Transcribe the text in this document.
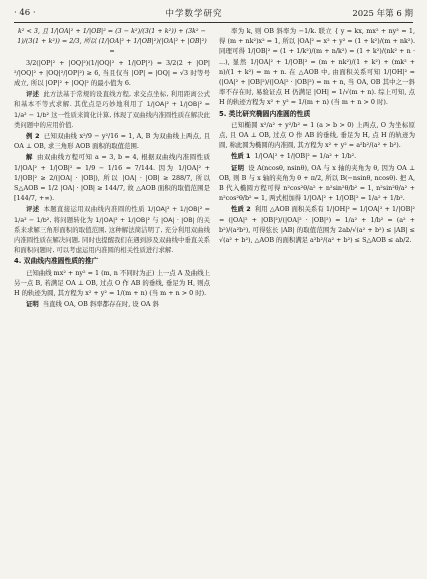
· 46 ·	中学数学研究	2025 年第 6 期

k² < 3, 且 1/|OA|² + 1/|OB|² = (3 − k²)/(3(1 + k²)) + (3k² − 1)/(3(1 + k²)) = 2/3, 所以 (1/|OA|² + 1/|OB|²)(|OA|² + |OB|²) =

3/2(|OP|² + |OQ|²)(1/|OQ|² + 1/|OP|²) = 3/2(2 + |OP|²/|OQ|² + |OQ|²/|OP|²) ≥ 6, 当且仅当 |OP| = |OQ| = √3 时等号成立, 所以 |OP|² + |OQ|² 的最小值为 6.

评述 此方法基于常规的设直线方程, 求交点坐标, 利用距离公式和基本不等式求解. 其优点是巧妙地利用了 1/|OA|² + 1/|OB|² = 1/a² − 1/b² 这一性质来简化计算, 体现了双曲线内准圆性质在解决此类问题中的应用价值.

例 2 已知双曲线 x²/9 − y²/16 = 1, A, B 为双曲线上两点, 且 OA ⊥ OB, 求三角形 AOB 面积的取值范围.

解 由双曲线方程可知 a = 3, b = 4, 根据双曲线内准圆性质 1/|OA|² + 1/|OB|² = 1/9 − 1/16 = 7/144. 因为 1/|OA|² + 1/|OB|² ≥ 2/(|OA| · |OB|), 所以 |OA| · |OB| ≥ 288/7, 所以 S△AOB = 1/2 |OA| · |OB| ≥ 144/7, 故 △AOB 面积的取值范围是 [144/7, +∞).

评述 本题直接运用双曲线内准圆的性质 1/|OA|² + 1/|OB|² = 1/a² − 1/b², 将问题转化为 1/|OA|² + 1/|OB|² 与 |OA| · |OB| 的关系来求解三角形面积的取值范围, 这种解法简洁明了, 充分利用双曲线内准圆性质在解决问题, 同时也提醒我们在遇到涉及双曲线中垂直关系和面积问题时, 可以考虑运用内准圆的相关性质进行求解.

4. 双曲线内准圆性质的推广

已知曲线 mx² + ny² = 1 (m, n 不同时为正) 上一点 A 及曲线上另一点 B, 若满足 OA ⊥ OB, 过点 O 作 AB 的垂线, 垂足为 H, 则点 H 的轨迹为圆, 其方程为 x² + y² = 1/(m + n) (当 m + n > 0 时).

证明 当直线 OA, OB 斜率都存在时, 设 OA 斜

率为 k, 则 OB 斜率为 −1/k. 联立 { y = kx, mx² + ny² = 1, 得 (m + nk²)x² = 1, 所以 |OA|² = x² + y² = (1 + k²)/(m + nk²). 同理可得 1/|OB|² = (1 + 1/k²)/(m + n/k²) = (1 + k²)/(nk² + n · ...), 显然 1/|OA|² + 1/|OB|² = (m + nk²)/(1 + k²) + (mk² + n)/(1 + k²) = m + n. 在 △AOB 中, 由面积关系可知 1/|OH|² = (|OA|² + |OB|²)/(|OA|² · |OB|²) = m + n, 当 OA, OB 其中之一斜率不存在时, 易验证点 H 仍满足 |OH| = 1/√(m + n). 综上可知, 点 H 的轨迹方程为 x² + y² = 1/(m + n) (当 m + n > 0 时).

5. 类比研究椭圆内准圆的性质

已知椭圆 x²/a² + y²/b² = 1 (a > b > 0) 上两点, O 为坐标原点, 且 OA ⊥ OB, 过点 O 作 AB 的垂线, 垂足为 H, 点 H 的轨迹为圆, 称此圆为椭圆的内准圆, 其方程为 x² + y² = a²b²/(a² + b²).

性质 1 1/|OA|² + 1/|OB|² = 1/a² + 1/b².

证明 设 A(ncosθ, nsinθ), OA 与 x 轴的夹角为 θ, 因为 OA ⊥ OB, 则 B 与 x 轴的夹角为 θ + π/2, 所以 B(−nsinθ, ncosθ). 把 A, B 代入椭圆方程可得 n²cos²θ/a² + n²sin²θ/b² = 1, n²sin²θ/a² + n²cos²θ/b² = 1, 两式相加得 1/|OA|² + 1/|OB|² = 1/a² + 1/b².

性质 2 利用 △AOB 面积关系有 1/|OH|² = 1/|OA|² + 1/|OB|² = (|OA|² + |OB|²)/(|OA|² · |OB|²) = 1/a² + 1/b² = (a² + b²)/(a²b²), 可得弦长 |AB| 的取值范围为 2ab/√(a² + b²) ≤ |AB| ≤ √(a² + b²), △AOB 的面积满足 a²b²/(a² + b²) ≤ S△AOB ≤ ab/2.
